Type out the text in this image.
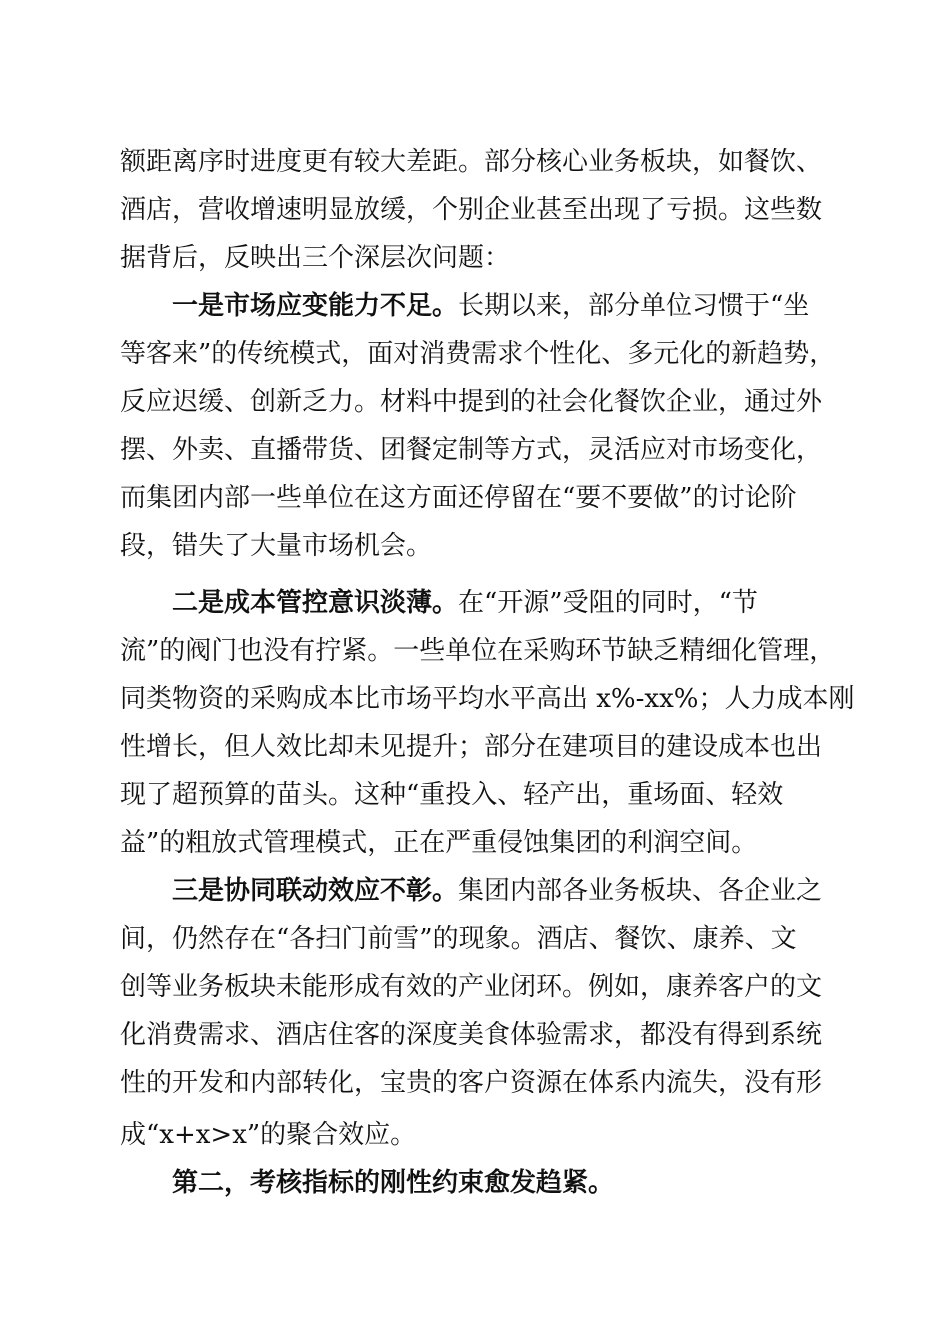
额距离序时进度更有较大差距。部分核心业务板块，如餐饮、
酒店，营收增速明显放缓，个别企业甚至出现了亏损。这些数
据背后，反映出三个深层次问题：
一是市场应变能力不足。长期以来，部分单位习惯于“坐
等客来”的传统模式，面对消费需求个性化、多元化的新趋势，
反应迟缓、创新乏力。材料中提到的社会化餐饮企业，通过外
摆、外卖、直播带货、团餐定制等方式，灵活应对市场变化，
而集团内部一些单位在这方面还停留在“要不要做”的讨论阶
段，错失了大量市场机会。
二是成本管控意识淡薄。在“开源”受阻的同时，“节
流”的阀门也没有拧紧。一些单位在采购环节缺乏精细化管理，
同类物资的采购成本比市场平均水平高出 x%-xx%；人力成本刚
性增长，但人效比却未见提升；部分在建项目的建设成本也出
现了超预算的苗头。这种“重投入、轻产出，重场面、轻效
益”的粗放式管理模式，正在严重侵蚀集团的利润空间。
三是协同联动效应不彰。集团内部各业务板块、各企业之
间，仍然存在“各扫门前雪”的现象。酒店、餐饮、康养、文
创等业务板块未能形成有效的产业闭环。例如，康养客户的文
化消费需求、酒店住客的深度美食体验需求，都没有得到系统
性的开发和内部转化，宝贵的客户资源在体系内流失，没有形
成“x+x>x”的聚合效应。
第二，考核指标的刚性约束愈发趋紧。
